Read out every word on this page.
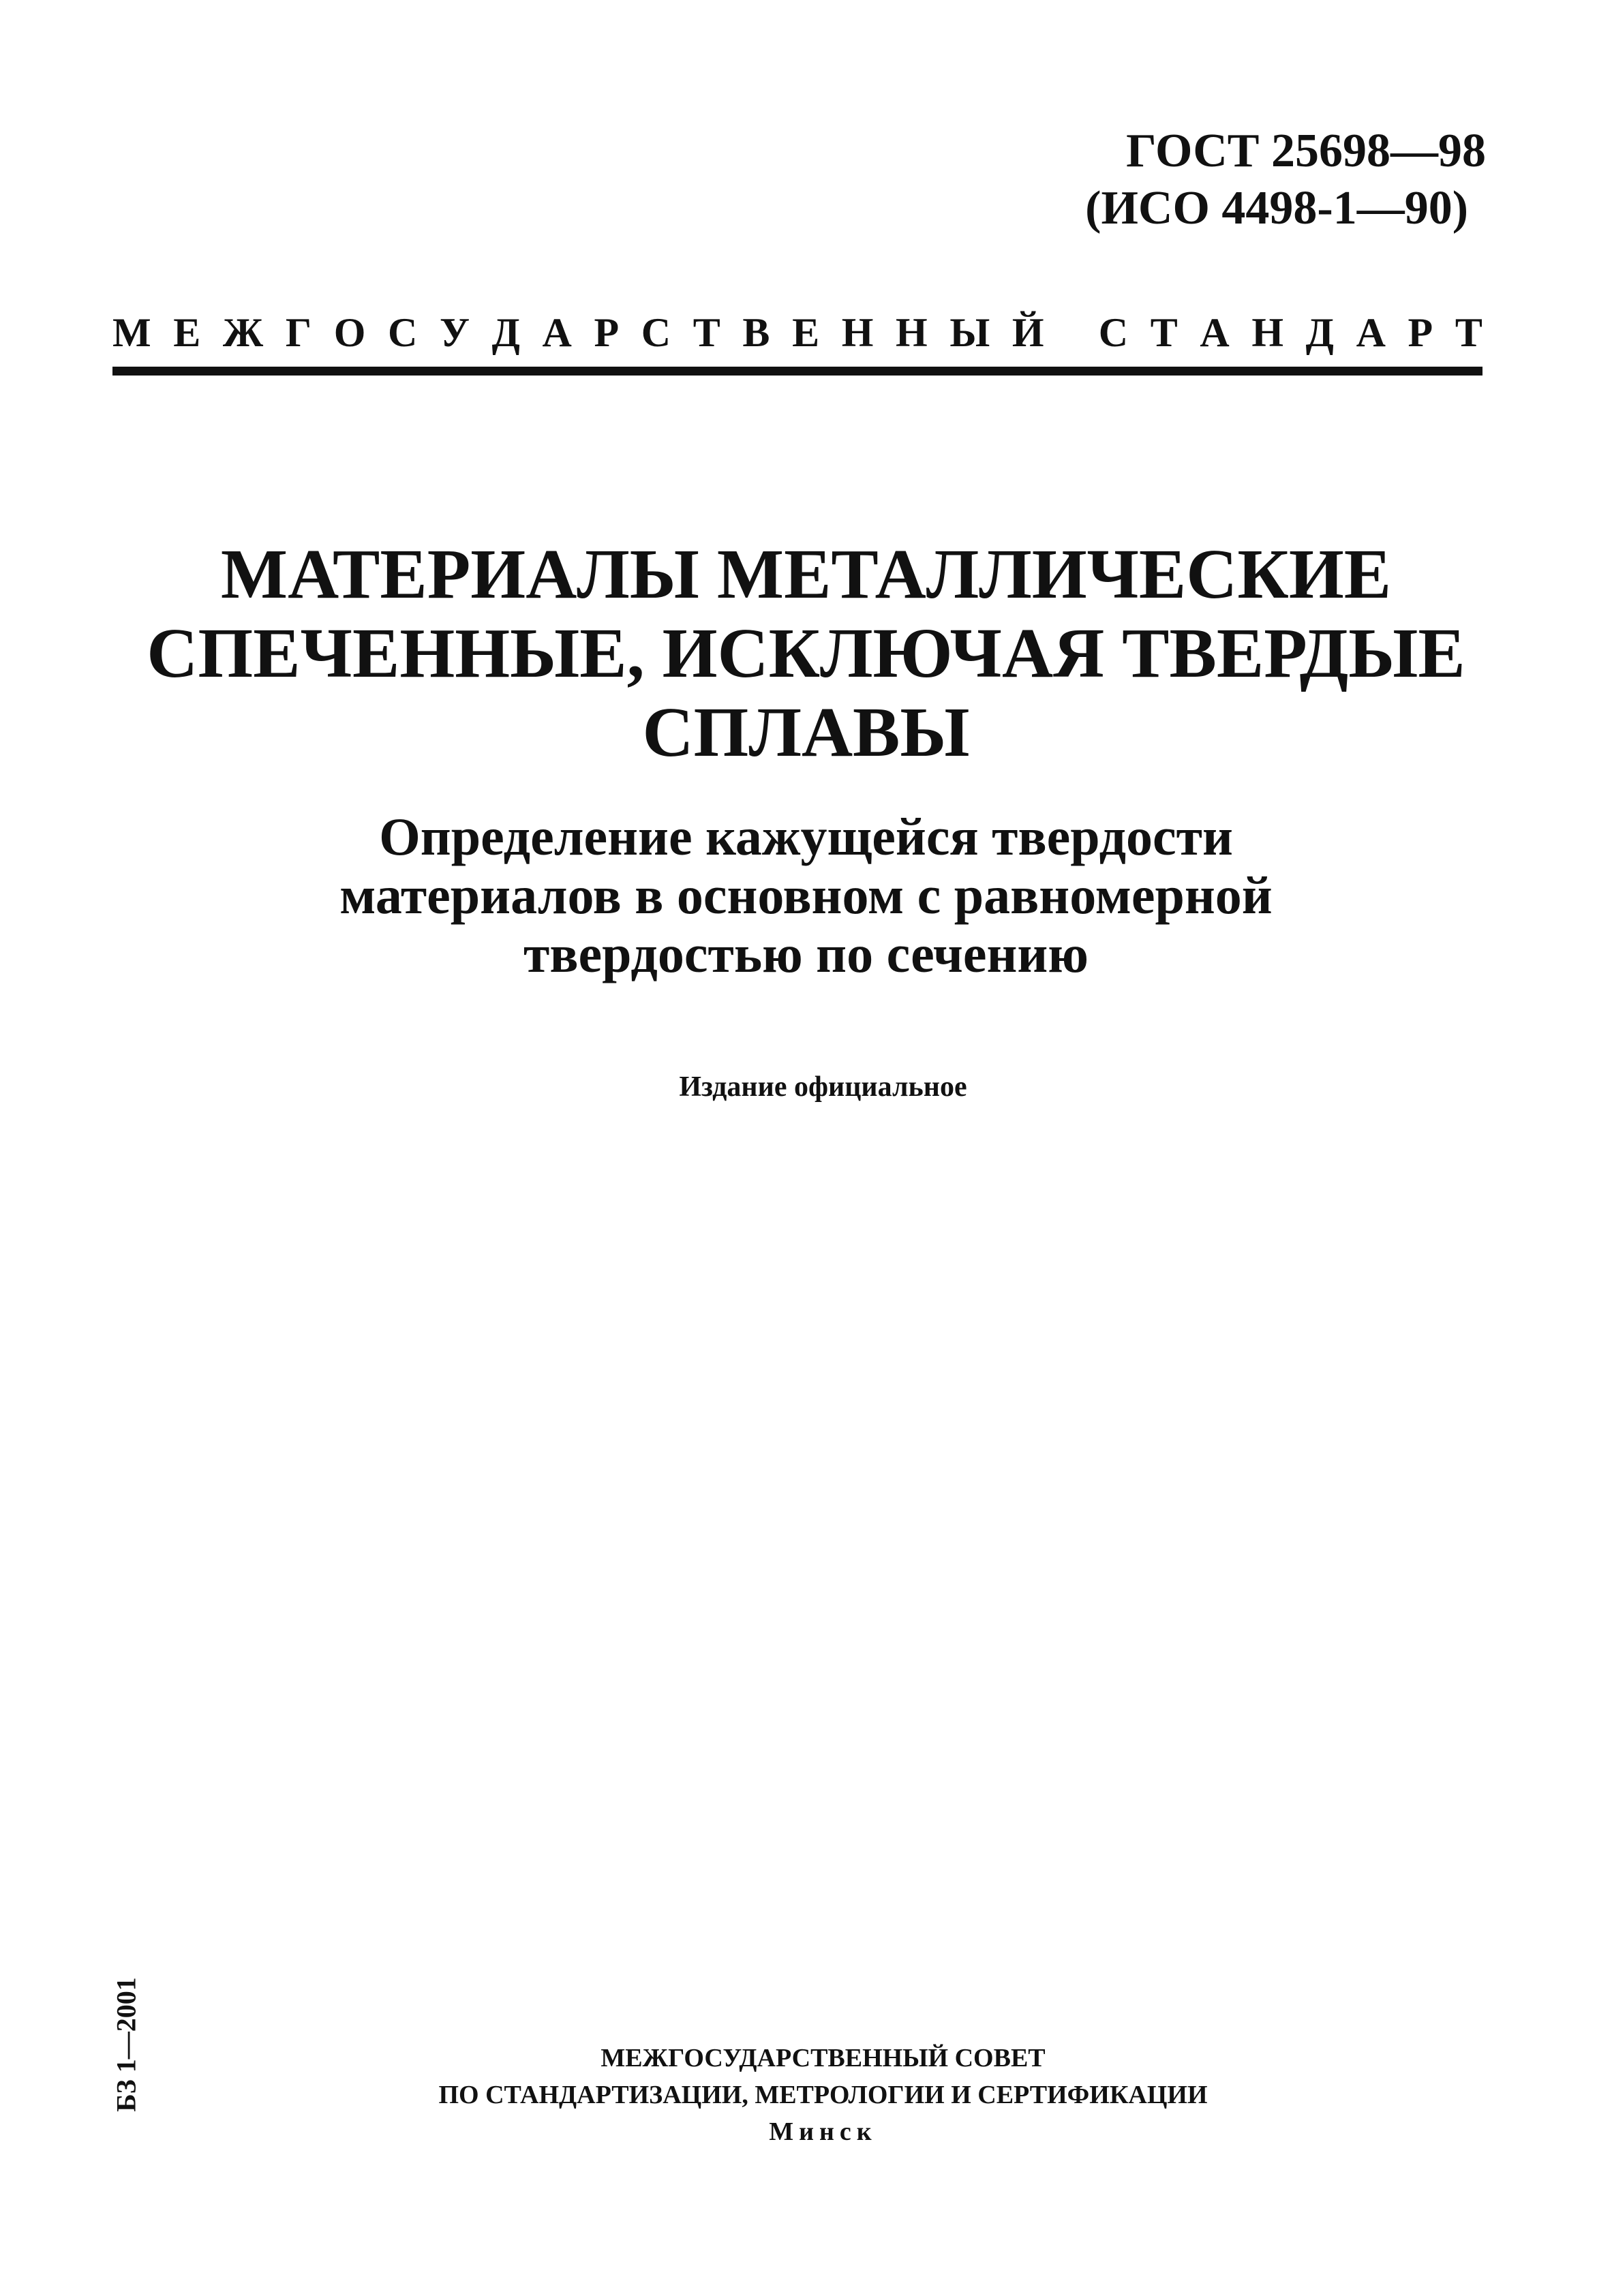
ГОСТ 25698—98
(ИСО 4498-1—90)
М Е Ж Г О С У Д А Р С Т В Е Н Н Ы Й
С Т А Н Д А Р Т
МАТЕРИАЛЫ МЕТАЛЛИЧЕСКИЕ
СПЕЧЕННЫЕ, ИСКЛЮЧАЯ ТВЕРДЫЕ
СПЛАВЫ
Определение кажущейся твердости
материалов в основном с равномерной
твердостью по сечению
Издание официальное
БЗ 1—2001	МЕЖГОСУДАРСТВЕННЫЙ СОВЕТ
ПО СТАНДАРТИЗАЦИИ, МЕТРОЛОГИИ И СЕРТИФИКАЦИИ
Минск
